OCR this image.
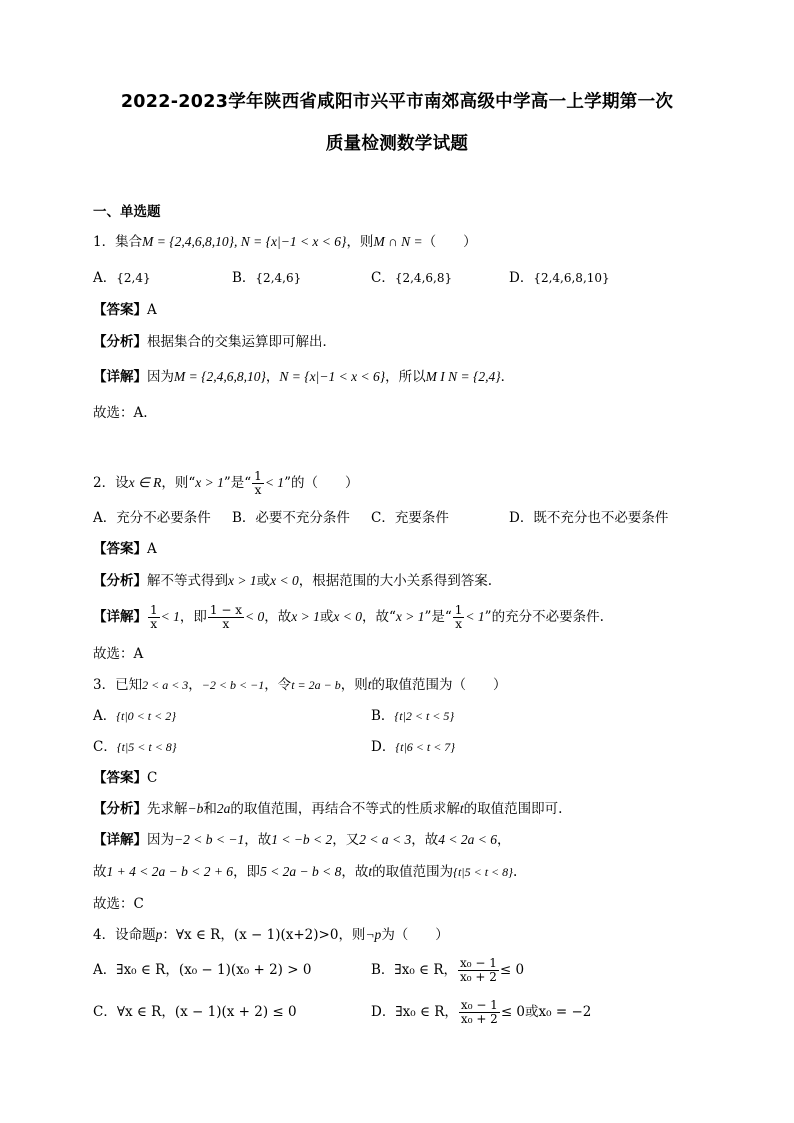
2022-2023学年陕西省咸阳市兴平市南郊高级中学高一上学期第一次
质量检测数学试题
一、单选题
1．集合M = {2,4,6,8,10}, N = {x|−1 < x < 6}，则M ∩ N =（　　）
A．{2,4}	B．{2,4,6}	C．{2,4,6,8}	D．{2,4,6,8,10}
【答案】A
【分析】根据集合的交集运算即可解出．
【详解】因为M = {2,4,6,8,10}，N = {x|−1 < x < 6}，所以M I N = {2,4}．
故选：A.
2．设x ∈ R，则“x > 1”是“ $\frac{1}{x} < 1$”的（　　）
A．充分不必要条件 B．必要不充分条件 C．充要条件	D．既不充分也不必要条件
【答案】A
【分析】解不等式得到x > 1或x < 0，根据范围的大小关系得到答案.
【详解】 $\frac{1}{x} < 1$，即 $\frac{1 - x}{x} < 0$，故x > 1或x < 0，故“x > 1”是“ $\frac{1}{x} < 1$”的充分不必要条件.
故选：A
3．已知2 < a < 3，−2 < b < −1，令t = 2a − b，则t的取值范围为（　　）
A．{t|0 < t < 2}	B．{t|2 < t < 5}
C．{t|5 < t < 8}	D．{t|6 < t < 7}
【答案】C
【分析】先求解−b和2a的取值范围，再结合不等式的性质求解t的取值范围即可.
【详解】因为−2 < b < −1，故1 < −b < 2，又2 < a < 3，故4 < 2a < 6，
故1 + 4 < 2a − b < 2 + 6，即5 < 2a − b < 8，故t的取值范围为{t|5 < t < 8}.
故选：C
4．设命题p：∀x ∈ R，(x − 1)(x+2)>0，则¬p为（　　）
A．∃x₀ ∈ R，(x₀ − 1)(x₀ + 2) > 0	B．∃x₀ ∈ R， $\frac{\text{x₀ − 1}}{\text{x₀ + 2}} \le 0$
C．∀x ∈ R，(x − 1)(x + 2) ≤ 0	D．∃x₀ ∈ R， $\frac{\text{x₀ − 1}}{\text{x₀ + 2}} \le 0$或x₀ = −2
